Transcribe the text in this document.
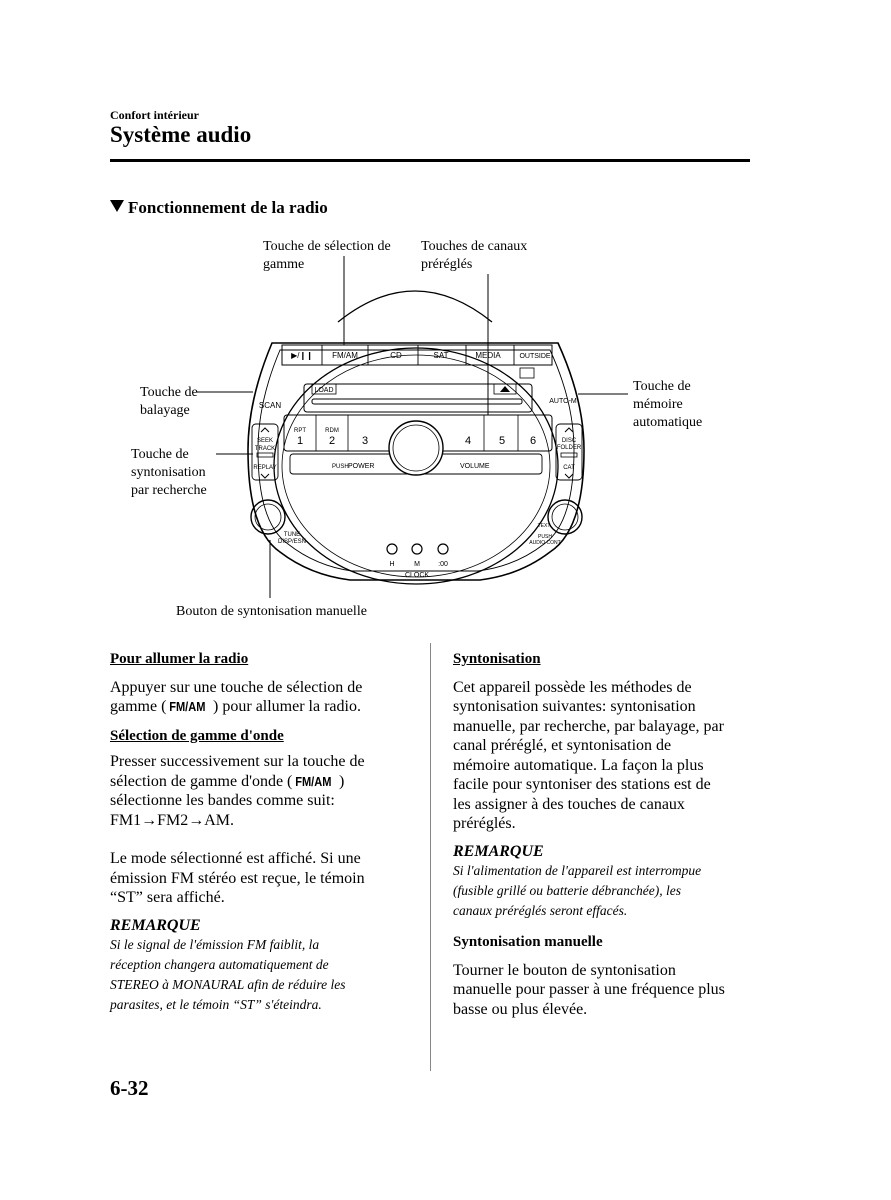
Confort intérieur
Système audio
Fonctionnement de la radio
Touche de sélection de
gamme
Touches de canaux
préréglés
Touche de
balayage
Touche de
syntonisation
par recherche
Touche de
mémoire
automatique
Bouton de syntonisation manuelle
▶/❙❙ FM/AM	CD	SAT	MEDIA	OUTSIDE
LOAD
SCAN	AUTO-M
RPT	RDM
1 2 3	4	5 6
PUSH POWER	VOLUME
SEEK
TRACK
REPLAY
DISC
FOLDER
CAT
TUNE
DISP/ESN
TEXT
PUSH
AUDIO CONT
H	M	:00
CLOCK

Pour allumer la radio

Appuyer sur une touche de sélection de

gamme ( FM/AM ) pour allumer la radio.

Sélection de gamme d'onde

Presser successivement sur la touche de

sélection de gamme d'onde ( FM/AM )

sélectionne les bandes comme suit:

FM1→FM2→AM.

Le mode sélectionné est affiché. Si une

émission FM stéréo est reçue, le témoin

“ST” sera affiché.

REMARQUE

Si le signal de l'émission FM faiblit, la

réception changera automatiquement de

STEREO à MONAURAL afin de réduire les

parasites, et le témoin “ST” s'éteindra.

Syntonisation

Cet appareil possède les méthodes de

syntonisation suivantes: syntonisation

manuelle, par recherche, par balayage, par

canal préréglé, et syntonisation de

mémoire automatique. La façon la plus

facile pour syntoniser des stations est de

les assigner à des touches de canaux

préréglés.

REMARQUE

Si l'alimentation de l'appareil est interrompue

(fusible grillé ou batterie débranchée), les

canaux préréglés seront effacés.

Syntonisation manuelle

Tourner le bouton de syntonisation

manuelle pour passer à une fréquence plus

basse ou plus élevée.

6-32
